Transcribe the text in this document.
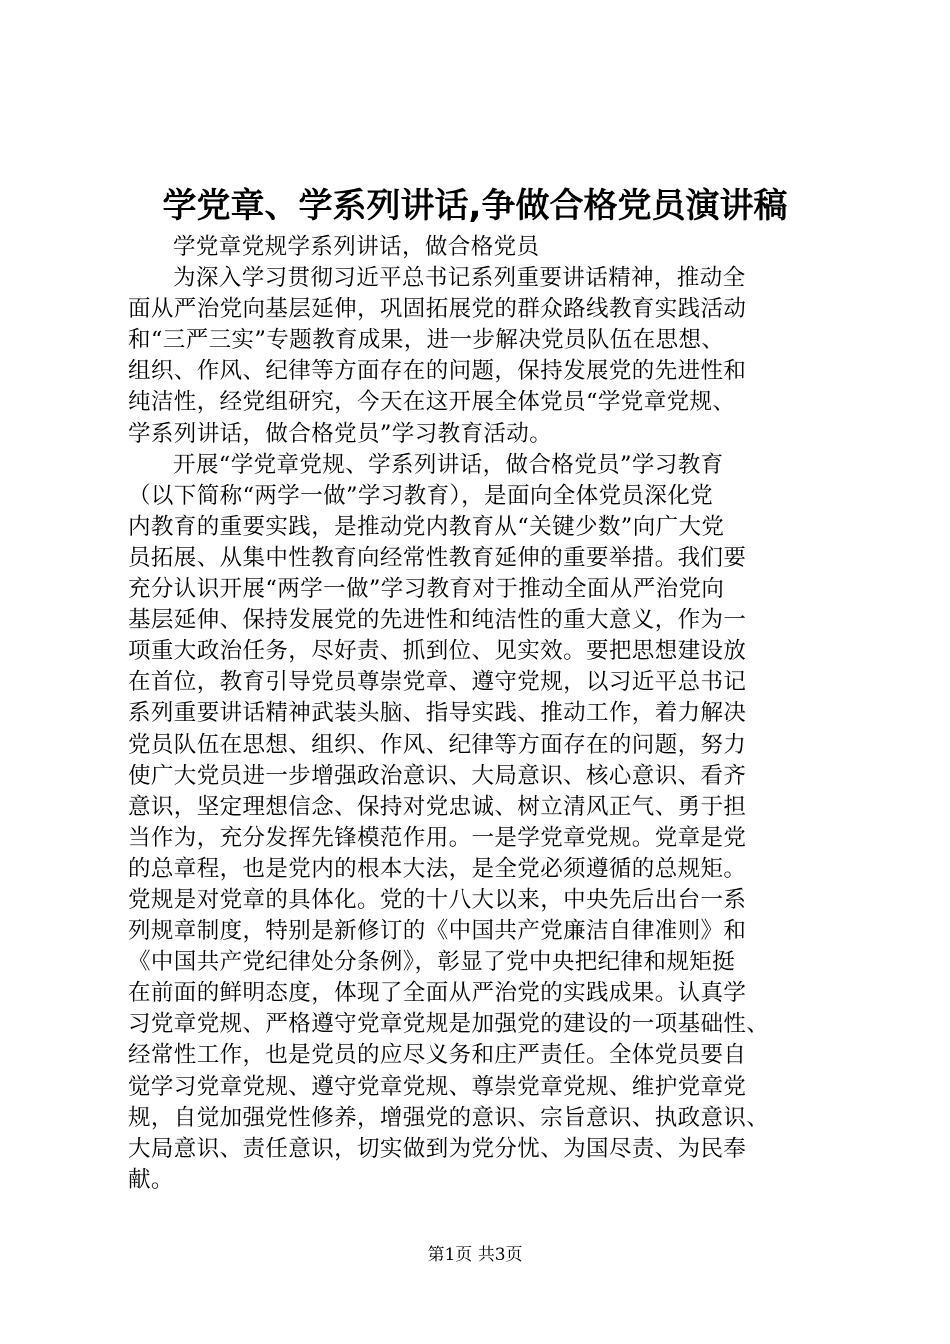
学党章、学系列讲话,争做合格党员演讲稿
学党章党规学系列讲话，做合格党员
为深入学习贯彻习近平总书记系列重要讲话精神，推动全
面从严治党向基层延伸，巩固拓展党的群众路线教育实践活动
和“三严三实”专题教育成果，进一步解决党员队伍在思想、
组织、作风、纪律等方面存在的问题，保持发展党的先进性和
纯洁性，经党组研究，今天在这开展全体党员“学党章党规、
学系列讲话，做合格党员”学习教育活动。
开展“学党章党规、学系列讲话，做合格党员”学习教育
（以下简称“两学一做”学习教育），是面向全体党员深化党
内教育的重要实践，是推动党内教育从“关键少数”向广大党
员拓展、从集中性教育向经常性教育延伸的重要举措。我们要
充分认识开展“两学一做”学习教育对于推动全面从严治党向
基层延伸、保持发展党的先进性和纯洁性的重大意义，作为一
项重大政治任务，尽好责、抓到位、见实效。要把思想建设放
在首位，教育引导党员尊崇党章、遵守党规，以习近平总书记
系列重要讲话精神武装头脑、指导实践、推动工作，着力解决
党员队伍在思想、组织、作风、纪律等方面存在的问题，努力
使广大党员进一步增强政治意识、大局意识、核心意识、看齐
意识，坚定理想信念、保持对党忠诚、树立清风正气、勇于担
当作为，充分发挥先锋模范作用。一是学党章党规。党章是党
的总章程，也是党内的根本大法，是全党必须遵循的总规矩。
党规是对党章的具体化。党的十八大以来，中央先后出台一系
列规章制度，特别是新修订的《中国共产党廉洁自律准则》和
《中国共产党纪律处分条例》，彰显了党中央把纪律和规矩挺
在前面的鲜明态度，体现了全面从严治党的实践成果。认真学
习党章党规、严格遵守党章党规是加强党的建设的一项基础性、
经常性工作，也是党员的应尽义务和庄严责任。全体党员要自
觉学习党章党规、遵守党章党规、尊崇党章党规、维护党章党
规，自觉加强党性修养，增强党的意识、宗旨意识、执政意识、
大局意识、责任意识，切实做到为党分忧、为国尽责、为民奉
献。
第1页 共3页
